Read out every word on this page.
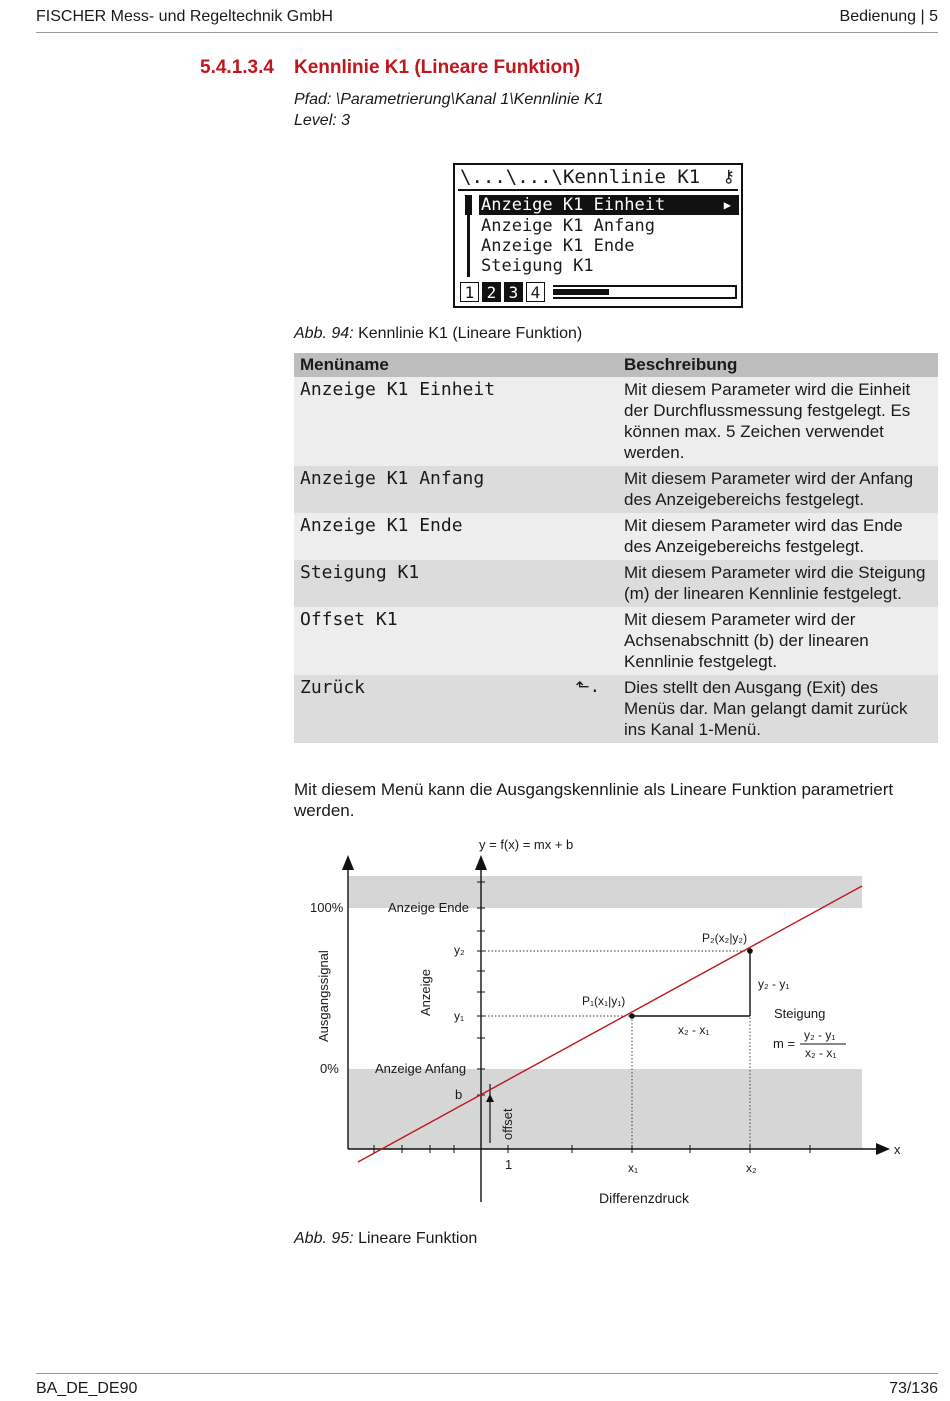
FISCHER Mess- und Regeltechnik GmbH	Bedienung | 5
5.4.1.3.4 Kennlinie K1 (Lineare Funktion)
Pfad: \Parametrierung\Kanal 1\Kennlinie K1
Level: 3
\...\...\Kennlinie K1 ⚷
Anzeige K1 Einheit	▶
Anzeige K1 Anfang
Anzeige K1 Ende
Steigung K1
1 2 3 4
Abb. 94: Kennlinie K1 (Lineare Funktion)
Menüname	Beschreibung
Anzeige K1 Einheit	Mit diesem Parameter wird die Einheit der Durchflussmessung festgelegt. Es können max. 5 Zeichen verwendet werden.
Anzeige K1 Anfang	Mit diesem Parameter wird der Anfang des Anzeigebereichs festgelegt.
Anzeige K1 Ende	Mit diesem Parameter wird das Ende des Anzeigebereichs festgelegt.
Steigung K1	Mit diesem Parameter wird die Steigung (m) der linearen Kennlinie festgelegt.
Offset K1	Mit diesem Parameter wird der Achsenabschnitt (b) der linearen Kennlinie festgelegt.
Zurück ⬑.	Dies stellt den Ausgang (Exit) des Menüs dar. Man gelangt damit zurück ins Kanal 1-Menü.
Mit diesem Menü kann die Ausgangskennlinie als Lineare Funktion parametriert werden.
y = f(x) = mx + b
100%	Anzeige Ende
0%	Anzeige Anfang
Ausgangssignal	Anzeige
y₂
y₁
b
offset
x
1	x₁	x₂
Differenzdruck
P₁(x₁|y₁)
P₂(x₂|y₂)
y₂ - y₁
x₂ - x₁
Steigung
m =
y₂ - y₁
x₂ - x₁
Abb. 95: Lineare Funktion
BA_DE_DE90	73/136
